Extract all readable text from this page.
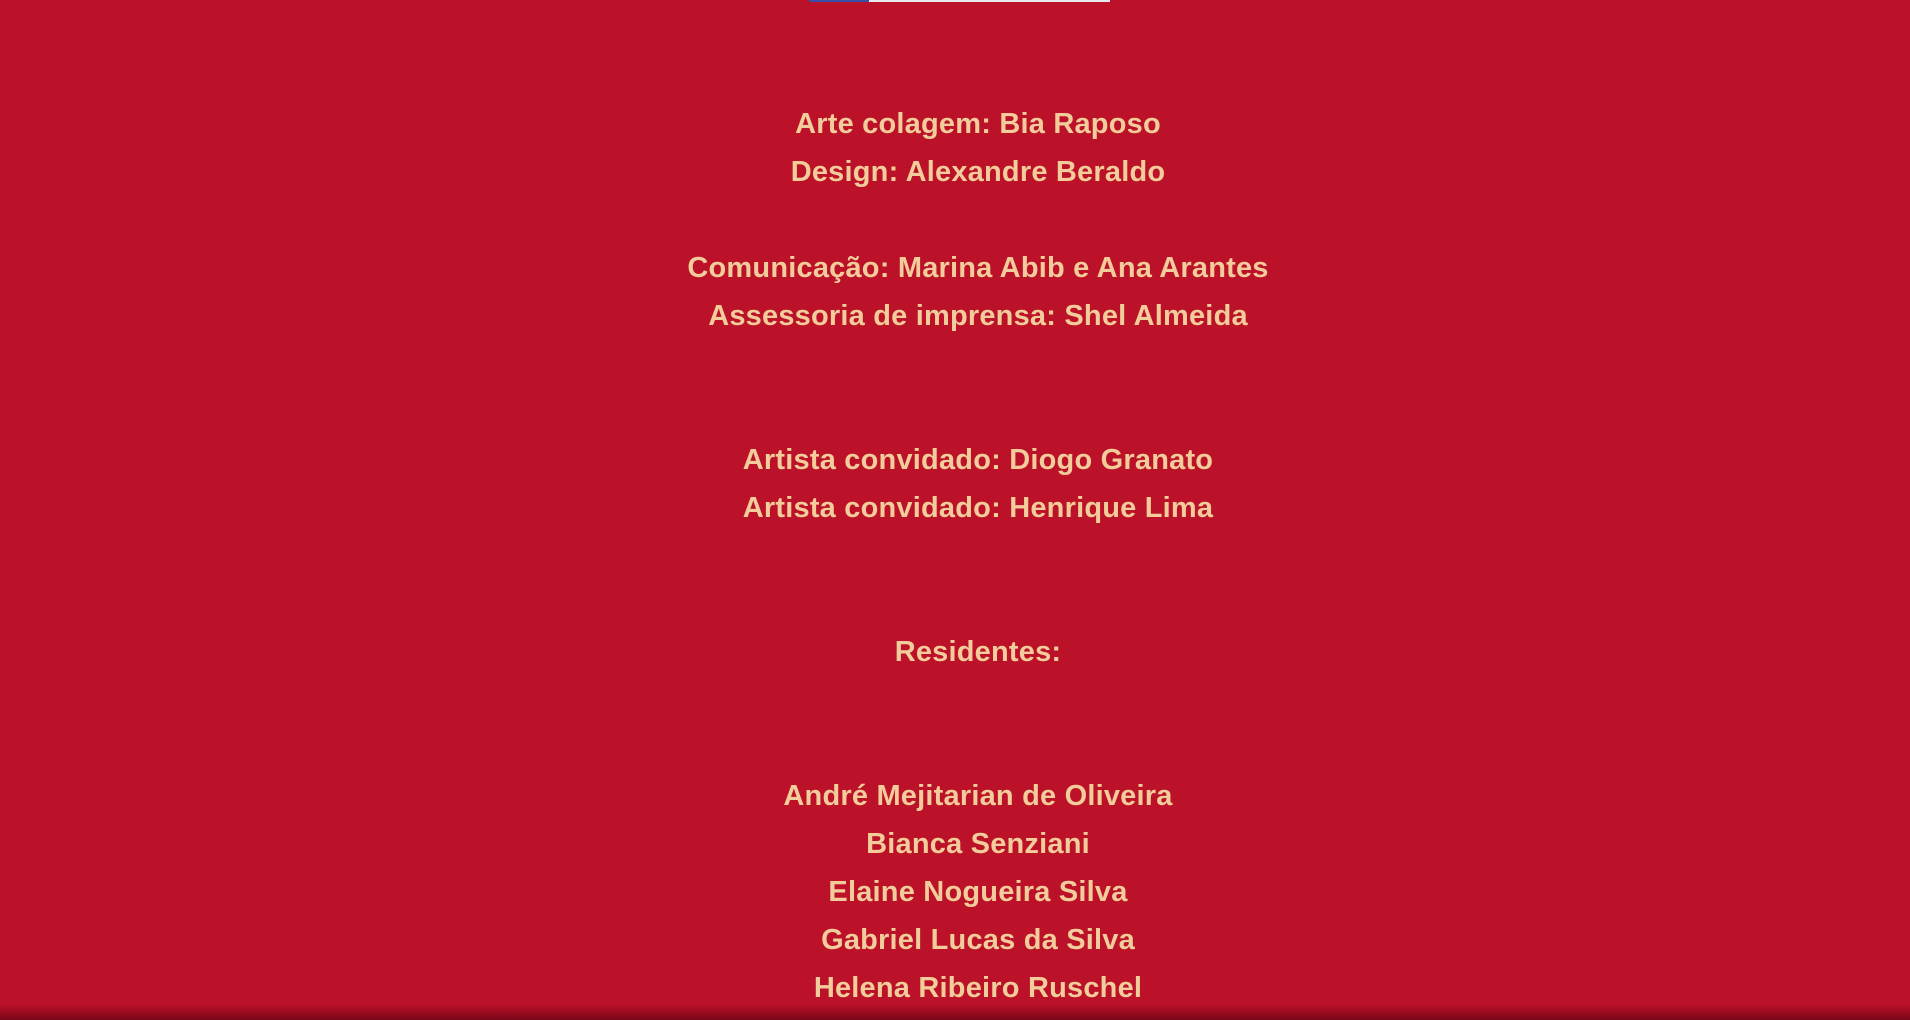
Arte colagem: Bia Raposo
Design: Alexandre Beraldo
Comunicação: Marina Abib e Ana Arantes
Assessoria de imprensa: Shel Almeida
Artista convidado: Diogo Granato
Artista convidado: Henrique Lima
Residentes:
André Mejitarian de Oliveira
Bianca Senziani
Elaine Nogueira Silva
Gabriel Lucas da Silva
Helena Ribeiro Ruschel
